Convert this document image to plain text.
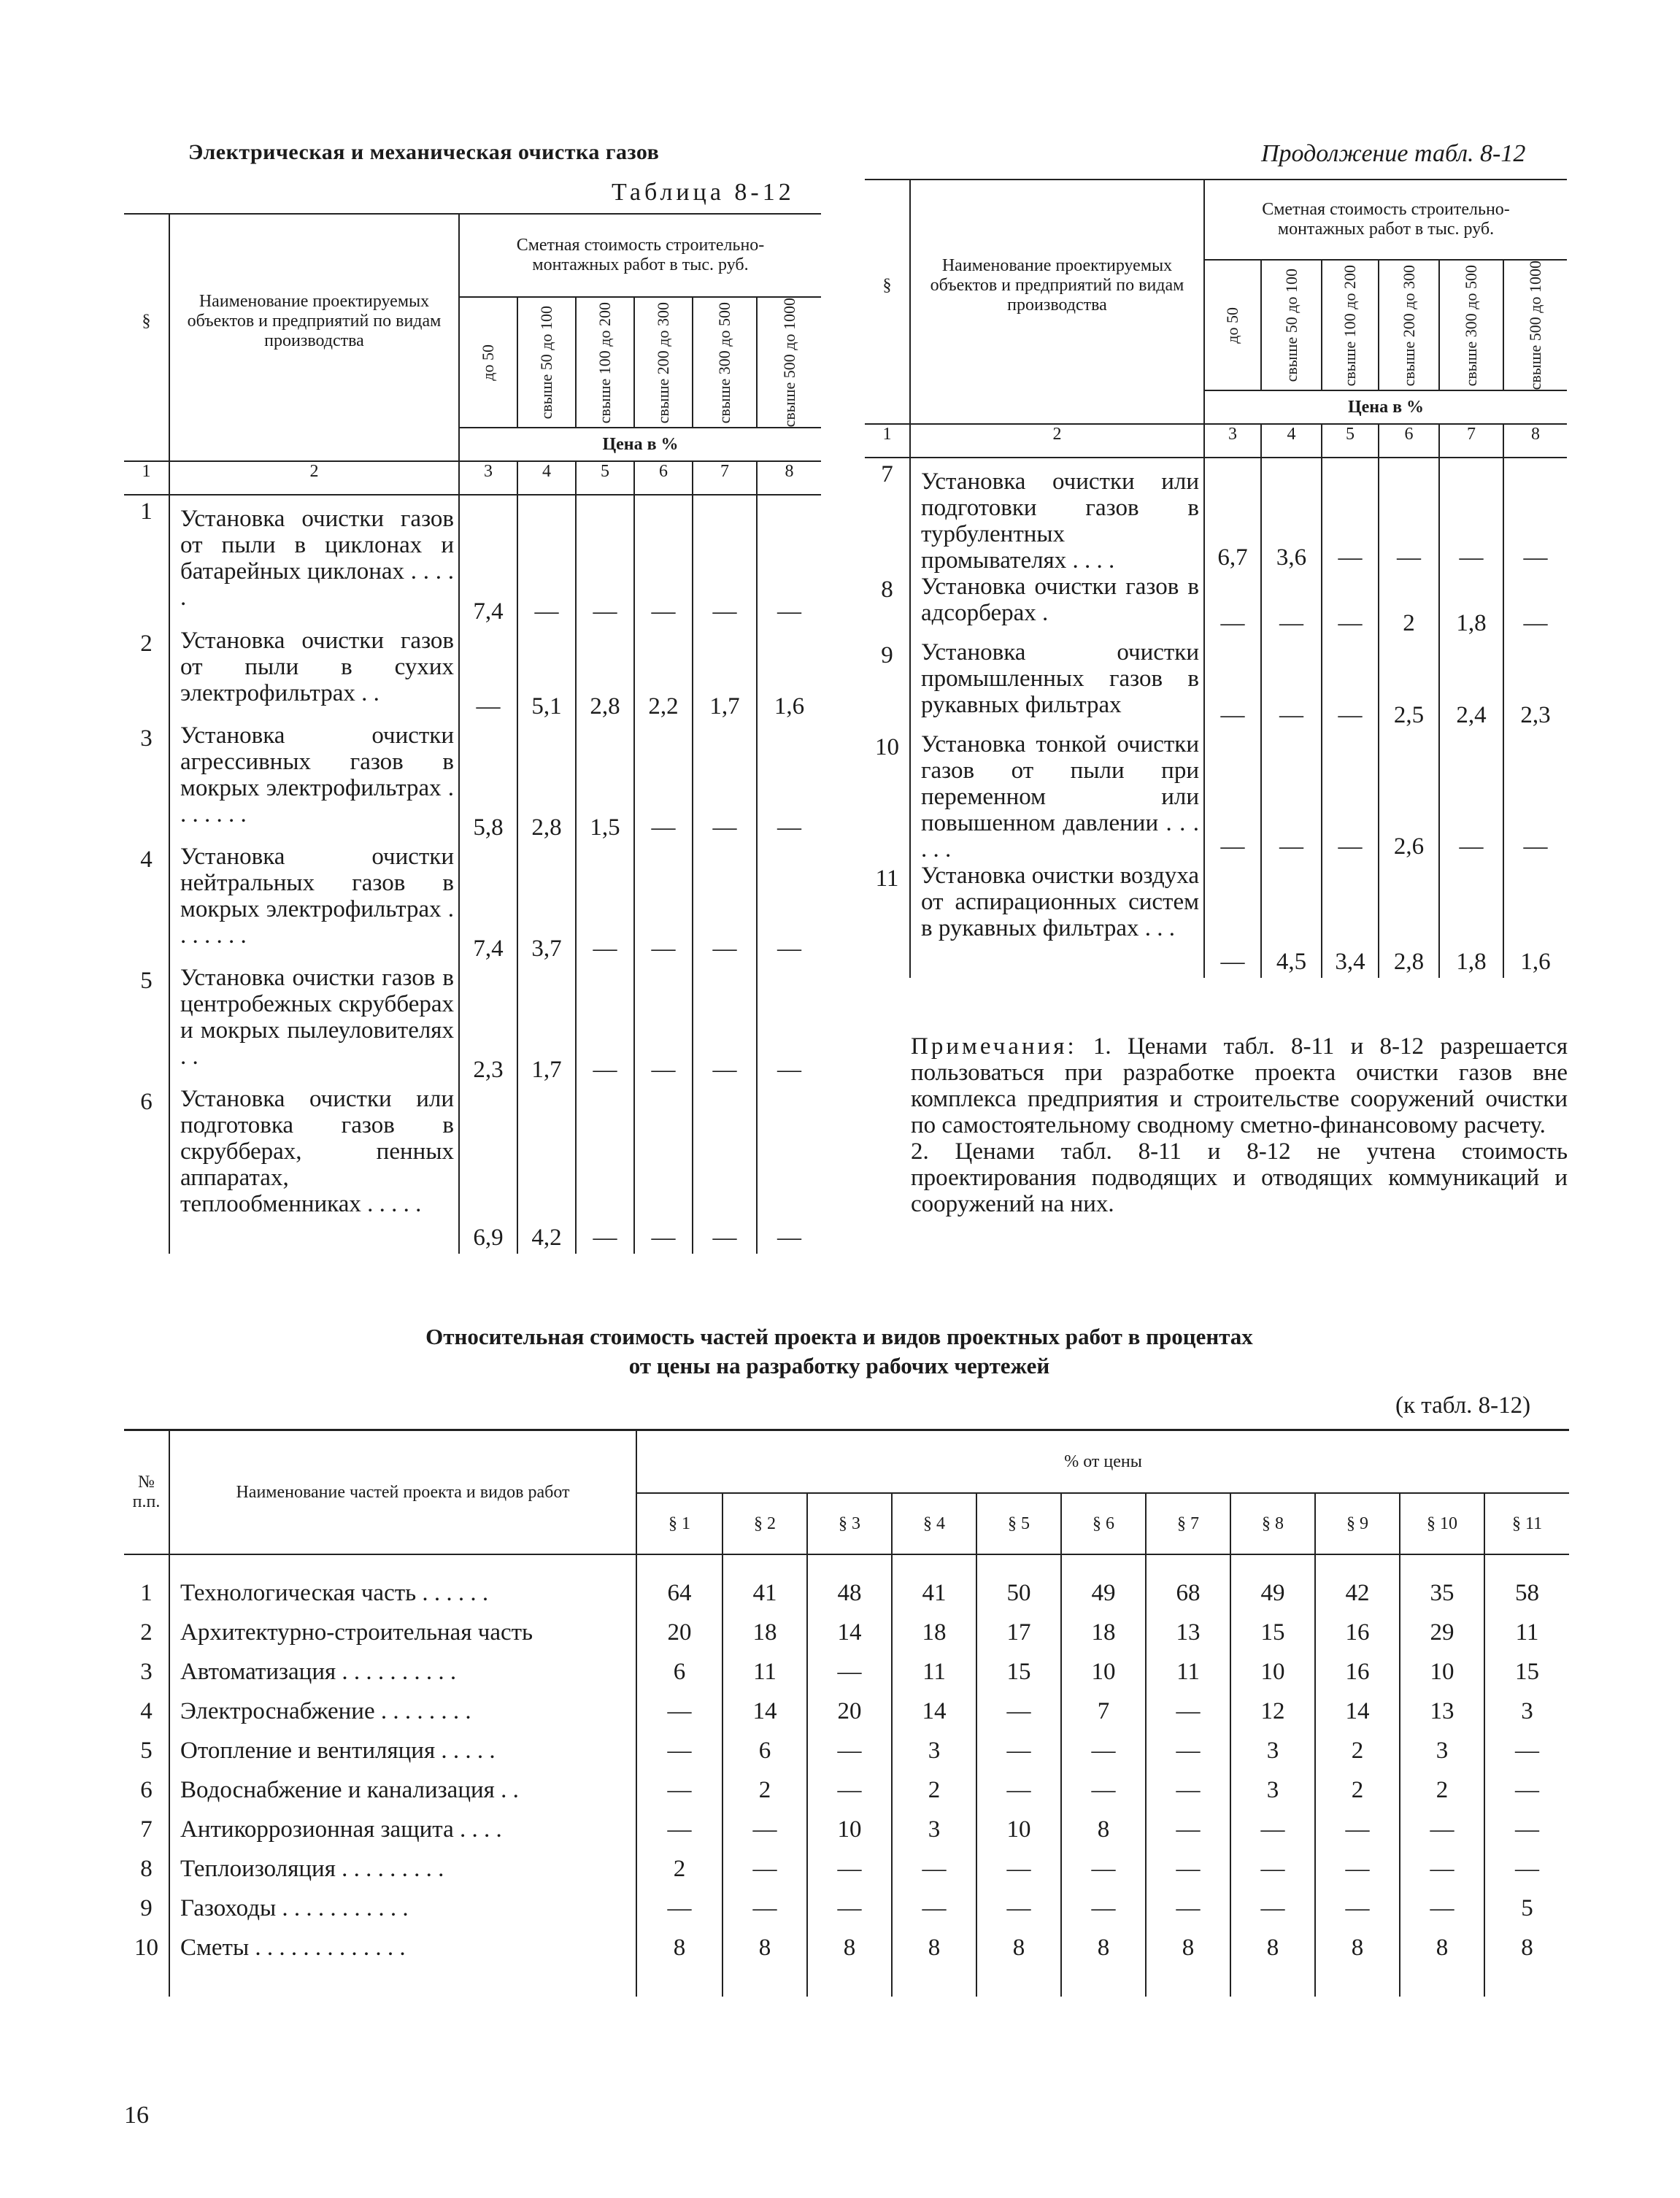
Электрическая и механическая очистка газов
Таблица 8-12
Продолжение табл. 8-12
§	Наименование проектируемых объектов и предприятий по видам производства	Сметная стоимость строительно-монтажных работ в тыс. руб.					

		до 50	свыше 50 до 100	свыше 100 до 200	свыше 200 до 300	свыше 300 до 500	свыше 500 до 1000

		Цена в %					
1	2	3	4	5	6	7	8
1	Установка очистки газов от пыли в циклонах и батарейных циклонах . . . . .	7,4	—	—	—	—	—
2	Установка очистки газов от пыли в сухих электрофильтрах . .	—	5,1	2,8	2,2	1,7	1,6
3	Установка очистки агрессивных газов в мокрых электрофильтрах . . . . . . .	5,8	2,8	1,5	—	—	—
4	Установка очистки нейтральных газов в мокрых электрофильтрах . . . . . . .	7,4	3,7	—	—	—	—
5	Установка очистки газов в центробежных скрубберах и мокрых пылеуловителях . .	2,3	1,7	—	—	—	—
6	Установка очистки или подготовка газов в скрубберах, пенных аппаратах, теплообменниках . . . . .	6,9	4,2	—	—	—	—
§	Наименование проектируемых объектов и предприятий по видам производства	Сметная стоимость строительно-монтажных работ в тыс. руб.					

		до 50	свыше 50 до 100	свыше 100 до 200	свыше 200 до 300	свыше 300 до 500	свыше 500 до 1000

		Цена в %					
1	2	3	4	5	6	7	8
7	Установка очистки или подготовки газов в турбулентных промывателях . . . .	6,7	3,6	—	—	—	—
8	Установка очистки газов в адсорберах .	—	—	—	2	1,8	—
9	Установка очистки промышленных газов в рукавных фильтрах	—	—	—	2,5	2,4	2,3
10	Установка тонкой очистки газов от пыли при переменном или повышенном давлении . . . . . .	—	—	—	2,6	—	—
11	Установка очистки воздуха от аспирационных систем в рукавных фильтрах . . .	—	4,5	3,4	2,8	1,8	1,6

Примечания: 1. Ценами табл. 8-11 и 8-12 разрешается пользоваться при разработке проекта очистки газов вне комплекса предприятия и строительстве сооружений очистки по самостоятельному сводному сметно-финансовому расчету.

2. Ценами табл. 8-11 и 8-12 не учтена стоимость проектирования подводящих и отводящих коммуникаций и сооружений на них.

Относительная стоимость частей проекта и видов проектных работ в процентах
от цены на разработку рабочих чертежей
(к табл. 8-12)
№ п.п.	Наименование частей проекта и видов работ	% от цены										
		§ 1	§ 2	§ 3	§ 4	§ 5	§ 6	§ 7	§ 8	§ 9	§ 10	§ 11

1	Технологическая часть . . . . . .	64	41	48	41	50	49	68	49	42	35	58
2	Архитектурно-строительная часть	20	18	14	18	17	18	13	15	16	29	11
3	Автоматизация . . . . . . . . . .	6	11	—	11	15	10	11	10	16	10	15
4	Электроснабжение . . . . . . . .	—	14	20	14	—	7	—	12	14	13	3
5	Отопление и вентиляция . . . . .	—	6	—	3	—	—	—	3	2	3	—
6	Водоснабжение и канализация . .	—	2	—	2	—	—	—	3	2	2	—
7	Антикоррозионная защита . . . .	—	—	10	3	10	8	—	—	—	—	—
8	Теплоизоляция . . . . . . . . .	2	—	—	—	—	—	—	—	—	—	—
9	Газоходы . . . . . . . . . . .	—	—	—	—	—	—	—	—	—	—	5
10	Сметы . . . . . . . . . . . . .	8	8	8	8	8	8	8	8	8	8	8

16
